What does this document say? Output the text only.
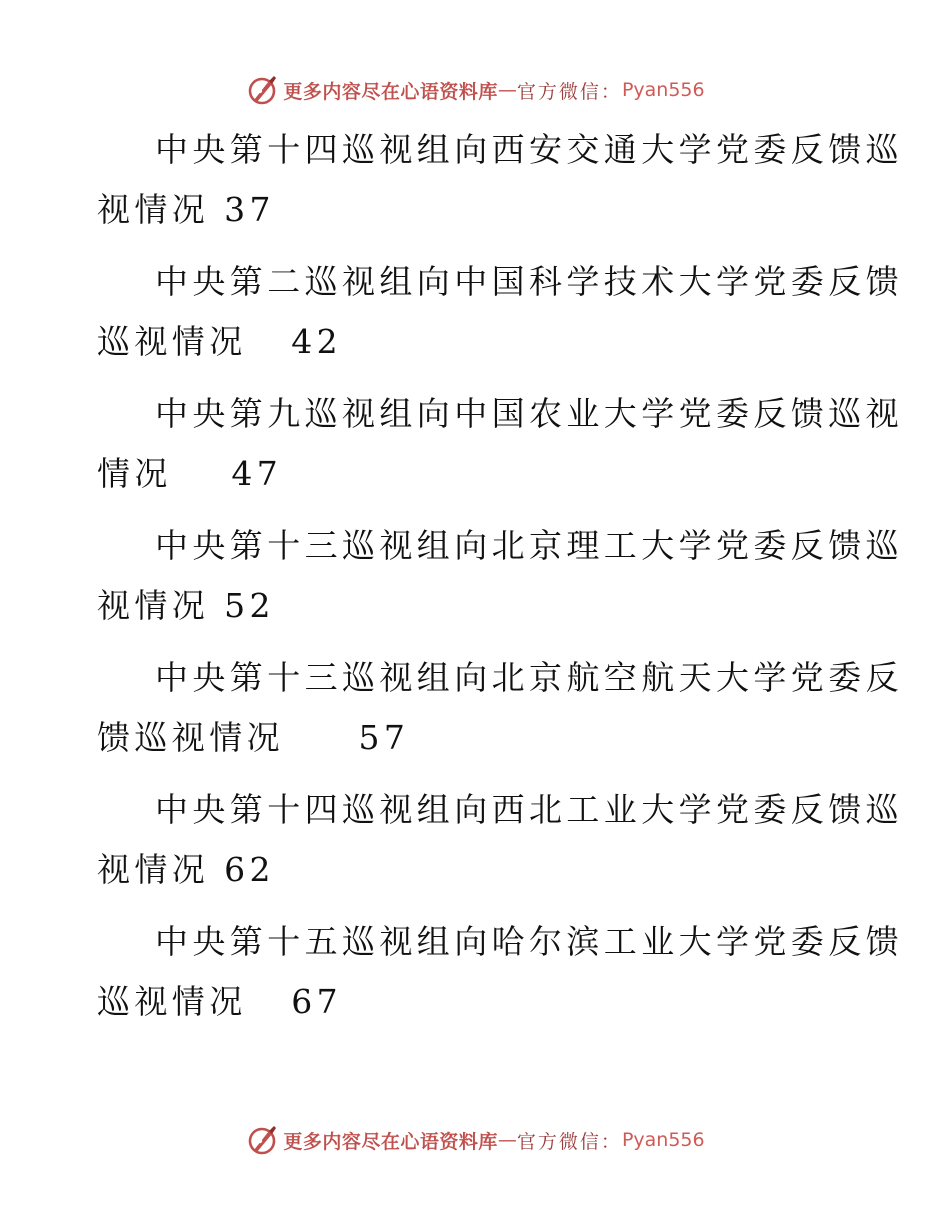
更多内容尽在心语资料库 — 官方微信： Pyan556
中央第十四巡视组向西安交通大学党委反馈巡
视情况 37
中央第二巡视组向中国科学技术大学党委反馈
巡视情况   42
中央第九巡视组向中国农业大学党委反馈巡视
情况    47
中央第十三巡视组向北京理工大学党委反馈巡
视情况 52
中央第十三巡视组向北京航空航天大学党委反
馈巡视情况     57
中央第十四巡视组向西北工业大学党委反馈巡
视情况 62
中央第十五巡视组向哈尔滨工业大学党委反馈
巡视情况   67
更多内容尽在心语资料库 — 官方微信： Pyan556
